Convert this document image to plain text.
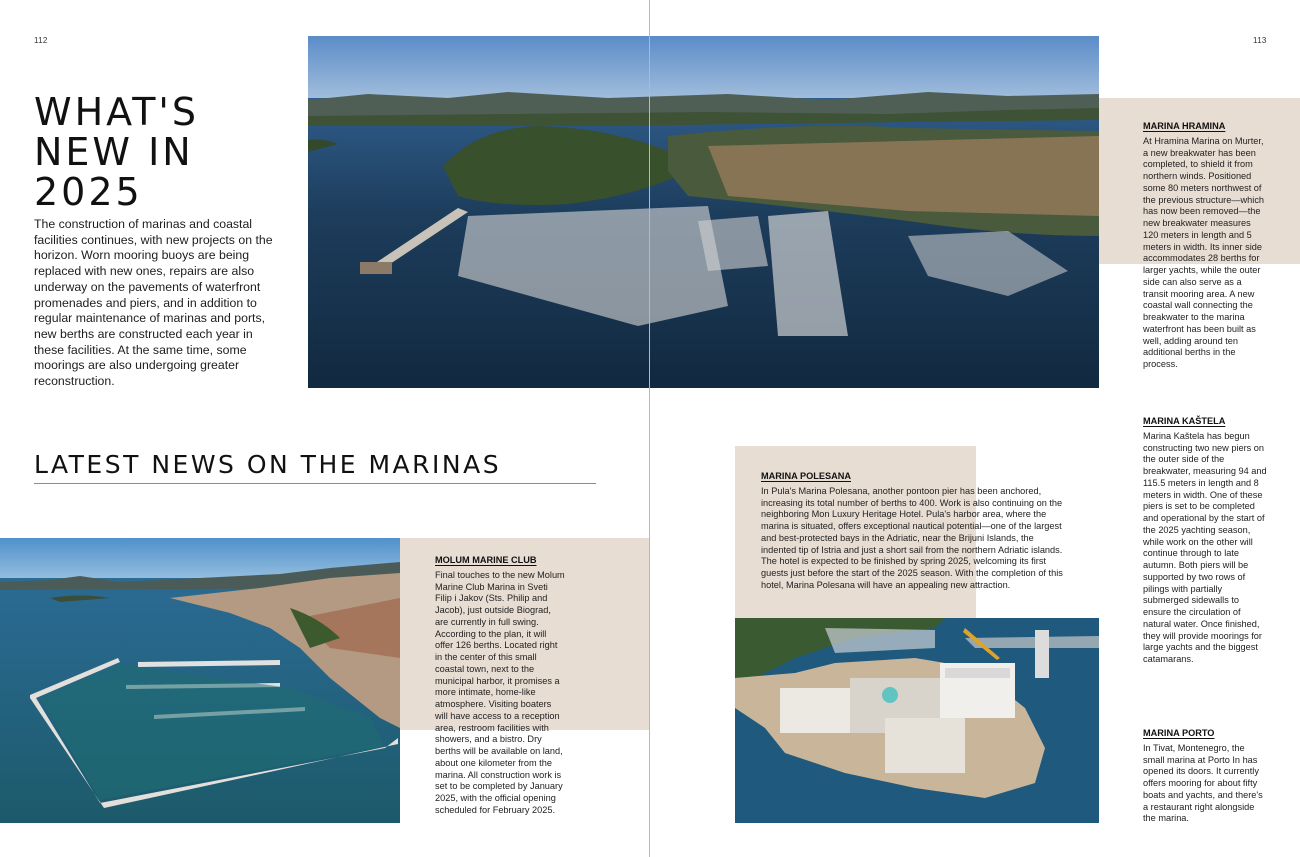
112	113
WHAT'S NEW IN 2025
The construction of marinas and coastal facilities continues, with new projects on the horizon. Worn mooring buoys are being replaced with new ones, repairs are also underway on the pavements of waterfront promenades and piers, and in addition to regular maintenance of marinas and ports, new berths are constructed each year in these facilities. At the same time, some moorings are also undergoing greater reconstruction.
LATEST NEWS ON THE MARINAS
MARINA HRAMINA
At Hramina Marina on Murter, a new breakwater has been completed, to shield it from northern winds. Positioned some 80 meters northwest of the previous structure—which has now been removed—the new breakwater measures 120 meters in length and 5 meters in width. Its inner side accommodates 28 berths for larger yachts, while the outer side can also serve as a transit mooring area. A new coastal wall connecting the breakwater to the marina waterfront has been built as well, adding around ten additional berths in the process.
MARINA KAŠTELA
Marina Kaštela has begun constructing two new piers on the outer side of the breakwater, measuring 94 and 115.5 meters in length and 8 meters in width. One of these piers is set to be completed and operational by the start of the 2025 yachting season, while work on the other will continue through to late autumn. Both piers will be supported by two rows of pilings with partially submerged sidewalls to ensure the circulation of natural water. Once finished, they will provide moorings for large yachts and the biggest catamarans.
MARINA PORTO
In Tivat, Montenegro, the small marina at Porto In has opened its doors. It currently offers mooring for about fifty boats and yachts, and there's a restaurant right alongside the marina.
MOLUM MARINE CLUB
Final touches to the new Molum Marine Club Marina in Sveti Filip i Jakov (Sts. Philip and Jacob), just outside Biograd, are currently in full swing. According to the plan, it will offer 126 berths. Located right in the center of this small coastal town, next to the municipal harbor, it promises a more intimate, home-like atmosphere. Visiting boaters will have access to a reception area, restroom facilities with showers, and a bistro. Dry berths will be available on land, about one kilometer from the marina. All construction work is set to be completed by January 2025, with the official opening scheduled for February 2025.
MARINA POLESANA
In Pula's Marina Polesana, another pontoon pier has been anchored, increasing its total number of berths to 400. Work is also continuing on the neighboring Mon Luxury Heritage Hotel. Pula's harbor area, where the marina is situated, offers exceptional nautical potential—one of the largest and best-protected bays in the Adriatic, near the Brijuni Islands, the indented tip of Istria and just a short sail from the northern Adriatic islands. The hotel is expected to be finished by spring 2025, welcoming its first guests just before the start of the 2025 season. With the completion of this hotel, Marina Polesana will have an appealing new attraction.
